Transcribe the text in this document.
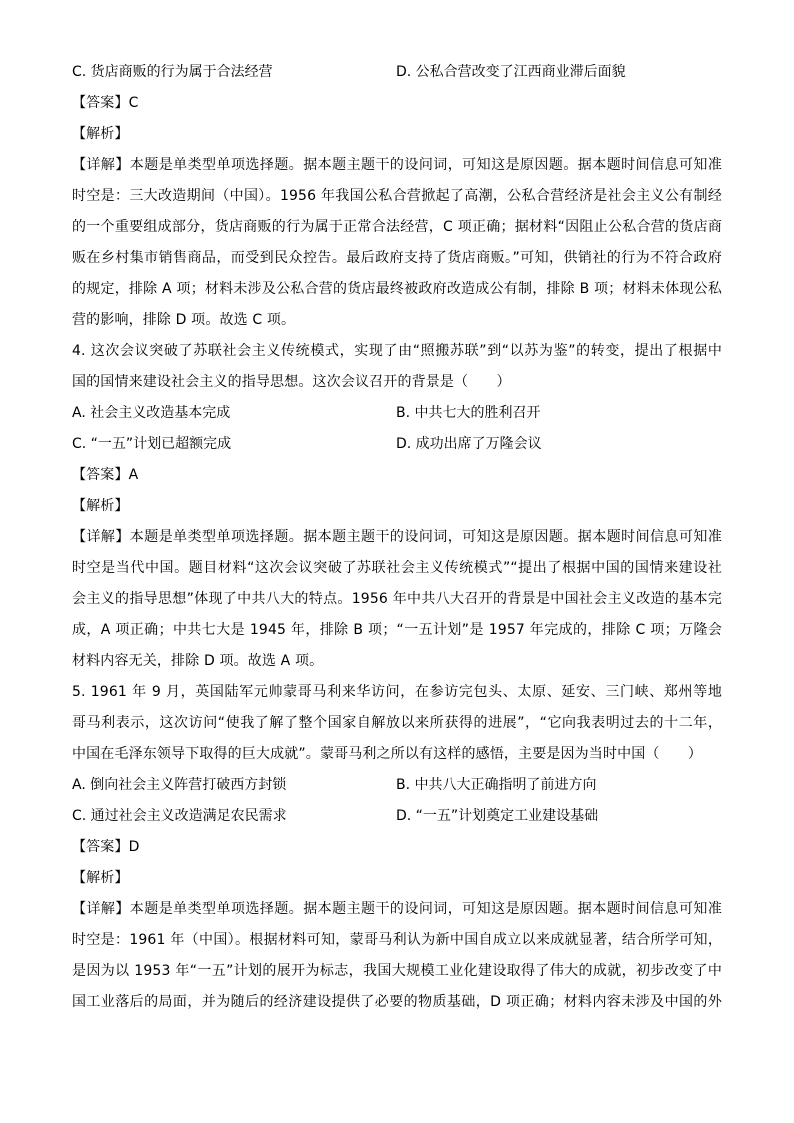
C. 货店商贩的行为属于合法经营	D. 公私合营改变了江西商业滞后面貌
【答案】C
【解析】
【详解】本题是单类型单项选择题。据本题主题干的设问词，可知这是原因题。据本题时间信息可知准
时空是：三大改造期间（中国）。1956 年我国公私合营掀起了高潮，公私合营经济是社会主义公有制经
的一个重要组成部分，货店商贩的行为属于正常合法经营，C 项正确；据材料“因阻止公私合营的货店商
贩在乡村集市销售商品，而受到民众控告。最后政府支持了货店商贩。”可知，供销社的行为不符合政府
的规定，排除 A 项；材料未涉及公私合营的货店最终被政府改造成公有制，排除 B 项；材料未体现公私
营的影响，排除 D 项。故选 C 项。
4. 这次会议突破了苏联社会主义传统模式，实现了由“照搬苏联”到“以苏为鉴”的转变，提出了根据中
国的国情来建设社会主义的指导思想。这次会议召开的背景是（　　）
A. 社会主义改造基本完成	B. 中共七大的胜利召开
C. “一五”计划已超额完成	D. 成功出席了万隆会议
【答案】A
【解析】
【详解】本题是单类型单项选择题。据本题主题干的设问词，可知这是原因题。据本题时间信息可知准
时空是当代中国。题目材料“这次会议突破了苏联社会主义传统模式”“提出了根据中国的国情来建设社
会主义的指导思想”体现了中共八大的特点。1956 年中共八大召开的背景是中国社会主义改造的基本完
成，A 项正确；中共七大是 1945 年，排除 B 项；“一五计划”是 1957 年完成的，排除 C 项；万隆会
材料内容无关，排除 D 项。故选 A 项。
5. 1961 年 9 月，英国陆军元帅蒙哥马利来华访问，在参访完包头、太原、延安、三门峡、郑州等地
哥马利表示，这次访问“使我了解了整个国家自解放以来所获得的进展”，“它向我表明过去的十二年，
中国在毛泽东领导下取得的巨大成就”。蒙哥马利之所以有这样的感悟，主要是因为当时中国（　　）
A. 倒向社会主义阵营打破西方封锁	B. 中共八大正确指明了前进方向
C. 通过社会主义改造满足农民需求	D. “一五”计划奠定工业建设基础
【答案】D
【解析】
【详解】本题是单类型单项选择题。据本题主题干的设问词，可知这是原因题。据本题时间信息可知准
时空是：1961 年（中国）。根据材料可知，蒙哥马利认为新中国自成立以来成就显著，结合所学可知，
是因为以 1953 年“一五”计划的展开为标志，我国大规模工业化建设取得了伟大的成就，初步改变了中
国工业落后的局面，并为随后的经济建设提供了必要的物质基础，D 项正确；材料内容未涉及中国的外
